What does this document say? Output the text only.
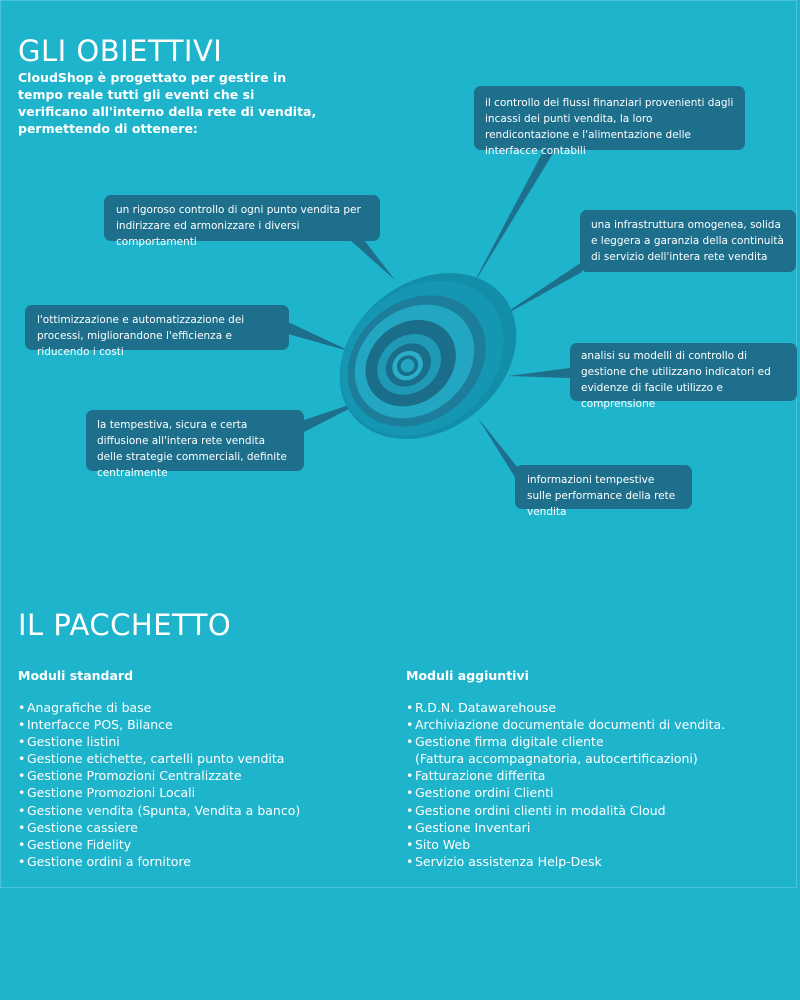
GLI OBIETTIVI
CloudShop è progettato per gestire in tempo reale tutti gli eventi che si verificano all'interno della rete di vendita, permettendo di ottenere:
il controllo dei flussi finanziari provenienti dagli incassi dei punti vendita, la loro rendicontazione e l'alimentazione delle interfacce contabili
un rigoroso controllo di ogni punto vendita per indirizzare ed armonizzare i diversi comportamenti
una infrastruttura omogenea, solida e leggera a garanzia della continuità di servizio dell'intera rete vendita
l'ottimizzazione e automatizzazione dei processi, migliorandone l'efficienza e riducendo i costi	analisi su modelli di controllo di gestione che utilizzano indicatori ed evidenze di facile utilizzo e comprensione
la tempestiva, sicura e certa diffusione all'intera rete vendita delle strategie commerciali, definite centralmente
informazioni tempestive sulle performance della rete vendita
IL PACCHETTO
Moduli standard
• Anagrafiche di base
• Interfacce POS, Bilance
• Gestione listini
• Gestione etichette, cartelli punto vendita
• Gestione Promozioni Centralizzate
• Gestione Promozioni Locali
• Gestione vendita (Spunta, Vendita a banco)
• Gestione cassiere
• Gestione Fidelity
• Gestione ordini a fornitore
Moduli aggiuntivi
• R.D.N. Datawarehouse
• Archiviazione documentale documenti di vendita.
• Gestione firma digitale cliente
(Fattura accompagnatoria, autocertificazioni)
• Fatturazione differita
• Gestione ordini Clienti
• Gestione ordini clienti in modalità Cloud
• Gestione Inventari
• Sito Web
• Servizio assistenza Help-Desk
